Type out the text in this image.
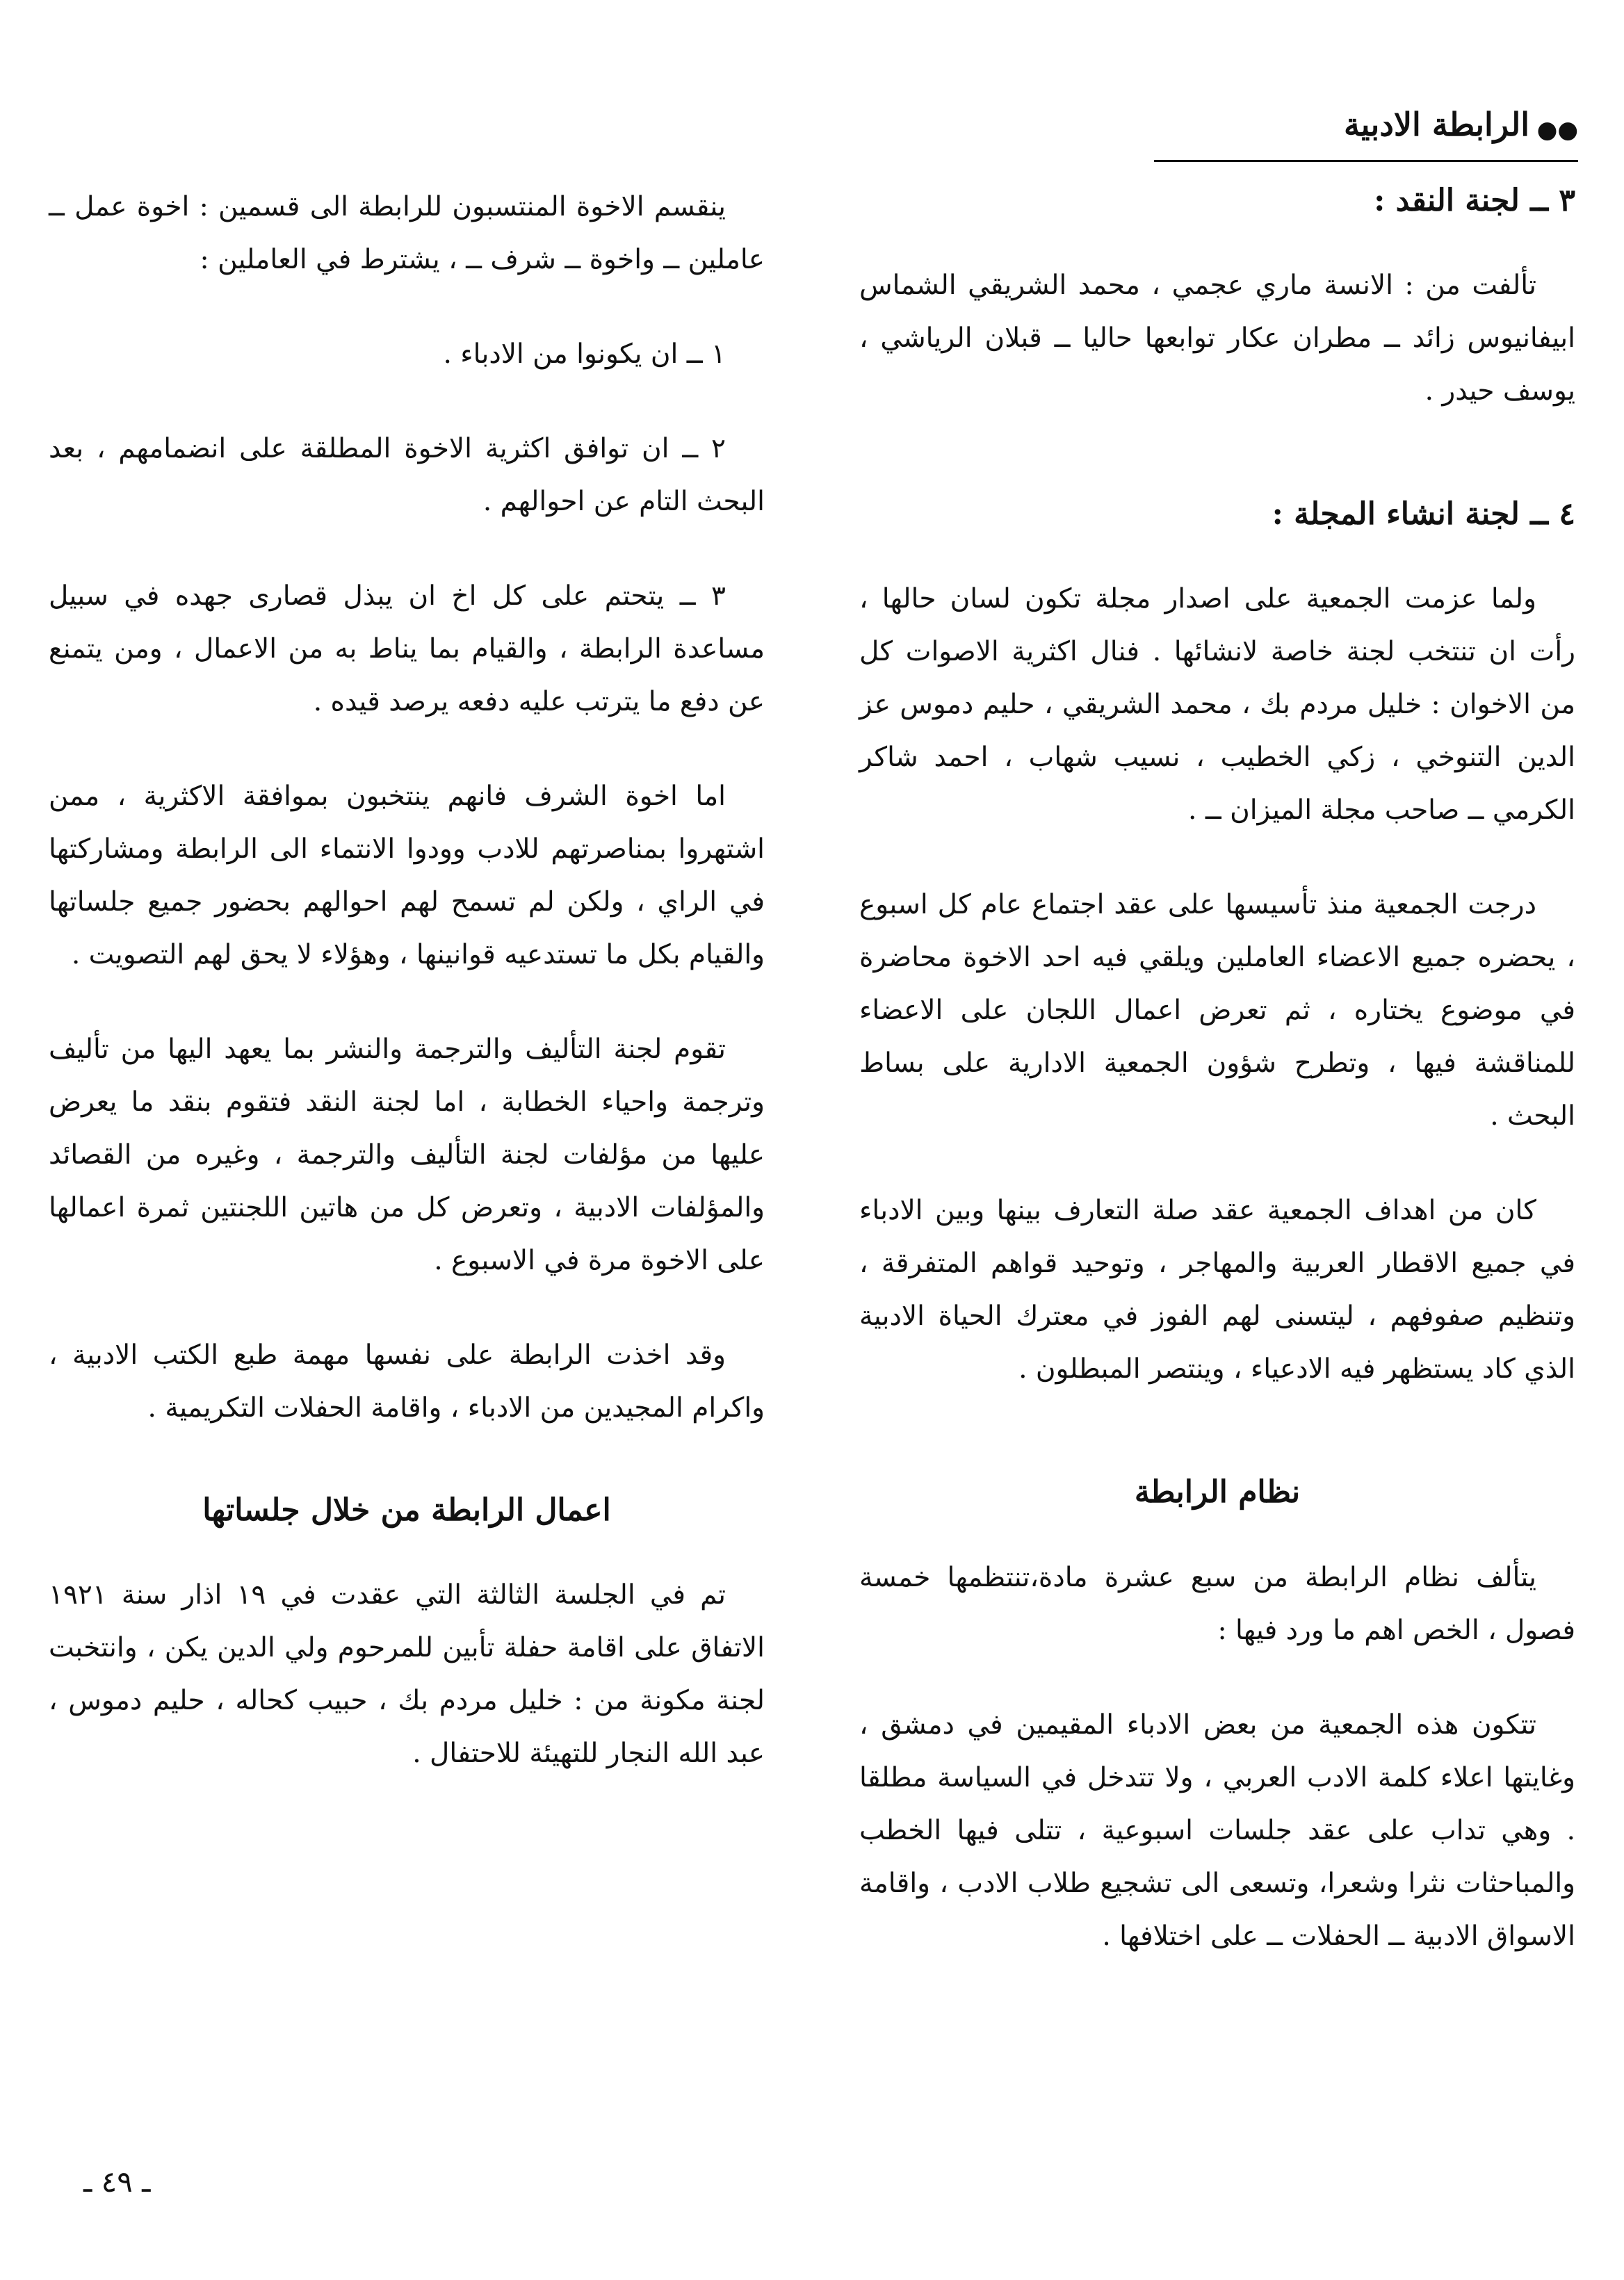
●●
الرابطة الادبية
٣ ــ لجنة النقد :

تألفت من : الانسة ماري عجمي ، محمد الشريقي الشماس ابيفانيوس زائد ــ مطران عكار توابعها حاليا ــ قبلان الرياشي ، يوسف حيدر .

٤ ــ لجنة انشاء المجلة :

ولما عزمت الجمعية على اصدار مجلة تكون لسان حالها ، رأت ان تنتخب لجنة خاصة لانشائها . فنال اكثرية الاصوات كل من الاخوان : خليل مردم بك ، محمد الشريقي ، حليم دموس عز الدين التنوخي ، زكي الخطيب ، نسيب شهاب ، احمد شاكر الكرمي ــ صاحب مجلة الميزان ــ .

درجت الجمعية منذ تأسيسها على عقد اجتماع عام كل اسبوع ، يحضره جميع الاعضاء العاملين ويلقي فيه احد الاخوة محاضرة في موضوع يختاره ، ثم تعرض اعمال اللجان على الاعضاء للمناقشة فيها ، وتطرح شؤون الجمعية الادارية على بساط البحث .

كان من اهداف الجمعية عقد صلة التعارف بينها وبين الادباء في جميع الاقطار العربية والمهاجر ، وتوحيد قواهم المتفرقة ، وتنظيم صفوفهم ، ليتسنى لهم الفوز في معترك الحياة الادبية الذي كاد يستظهر فيه الادعياء ، وينتصر المبطلون .

نظام الرابطة

يتألف نظام الرابطة من سبع عشرة مادة،تنتظمها خمسة فصول ، الخص اهم ما ورد فيها :

تتكون هذه الجمعية من بعض الادباء المقيمين في دمشق ، وغايتها اعلاء كلمة الادب العربي ، ولا تتدخل في السياسة مطلقا . وهي تداب على عقد جلسات اسبوعية ، تتلى فيها الخطب والمباحثات نثرا وشعرا، وتسعى الى تشجيع طلاب الادب ، واقامة الاسواق الادبية ــ الحفلات ــ على اختلافها .

ينقسم الاخوة المنتسبون للرابطة الى قسمين : اخوة عمل ــ عاملين ــ واخوة ــ شرف ــ ، يشترط في العاملين :

١ ــ ان يكونوا من الادباء .

٢ ــ ان توافق اكثرية الاخوة المطلقة على انضمامهم ، بعد البحث التام عن احوالهم .

٣ ــ يتحتم على كل اخ ان يبذل قصارى جهده في سبيل مساعدة الرابطة ، والقيام بما يناط به من الاعمال ، ومن يتمنع عن دفع ما يترتب عليه دفعه يرصد قيده .

اما اخوة الشرف فانهم ينتخبون بموافقة الاكثرية ، ممن اشتهروا بمناصرتهم للادب وودوا الانتماء الى الرابطة ومشاركتها في الراي ، ولكن لم تسمح لهم احوالهم بحضور جميع جلساتها والقيام بكل ما تستدعيه قوانينها ، وهؤلاء لا يحق لهم التصويت .

تقوم لجنة التأليف والترجمة والنشر بما يعهد اليها من تأليف وترجمة واحياء الخطابة ، اما لجنة النقد فتقوم بنقد ما يعرض عليها من مؤلفات لجنة التأليف والترجمة ، وغيره من القصائد والمؤلفات الادبية ، وتعرض كل من هاتين اللجنتين ثمرة اعمالها على الاخوة مرة في الاسبوع .

وقد اخذت الرابطة على نفسها مهمة طبع الكتب الادبية ، واكرام المجيدين من الادباء ، واقامة الحفلات التكريمية .

اعمال الرابطة من خلال جلساتها

تم في الجلسة الثالثة التي عقدت في ١٩ اذار سنة ١٩٢١ الاتفاق على اقامة حفلة تأبين للمرحوم ولي الدين يكن ، وانتخبت لجنة مكونة من : خليل مردم بك ، حبيب كحاله ، حليم دموس ، عبد الله النجار للتهيئة للاحتفال .

ـ ٤٩ ـ
